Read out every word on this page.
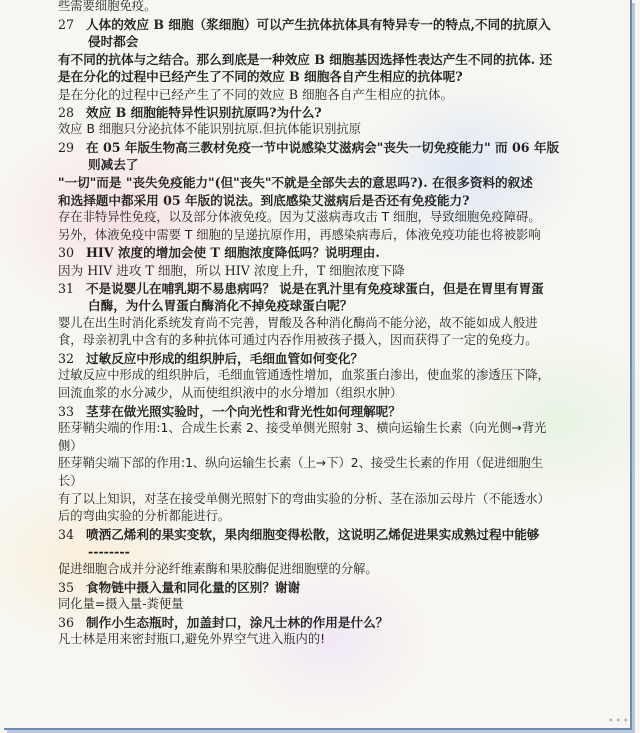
些需要细胞免疫。
27 人体的效应 B 细胞（浆细胞）可以产生抗体抗体具有特异专一的特点,不同的抗原入
侵时都会
有不同的抗体与之结合。那么到底是一种效应 B 细胞基因选择性表达产生不同的抗体. 还
是在分化的过程中已经产生了不同的效应 B 细胞各自产生相应的抗体呢?
是在分化的过程中已经产生了不同的效应 B 细胞各自产生相应的抗体。
28 效应 B 细胞能特异性识别抗原吗?为什么?
效应 B 细胞只分泌抗体不能识别抗原.但抗体能识别抗原
29 在 05 年版生物高三教材免疫一节中说感染艾滋病会"丧失一切免疫能力" 而 06 年版
则减去了
"一切"而是 "丧失免疫能力"(但"丧失"不就是全部失去的意思吗?). 在很多资料的叙述
和选择题中都采用 05 年版的说法。到底感染艾滋病后是否还有免疫能力?
存在非特异性免疫，以及部分体液免疫。因为艾滋病毒攻击 T 细胞，导致细胞免疫障碍。
另外，体液免疫中需要 T 细胞的呈递抗原作用，再感染病毒后，体液免疫功能也将被影响
30 HIV 浓度的增加会使 T 细胞浓度降低吗？说明理由.
因为 HIV 进攻 T 细胞，所以 HIV 浓度上升，T 细胞浓度下降
31 不是说婴儿在哺乳期不易患病吗？ 说是在乳汁里有免疫球蛋白，但是在胃里有胃蛋
白酶，为什么胃蛋白酶消化不掉免疫球蛋白呢？
婴儿在出生时消化系统发育尚不完善，胃酸及各种消化酶尚不能分泌，故不能如成人般进
食，母亲初乳中含有的多种抗体可通过内吞作用被孩子摄入，因而获得了一定的免疫力。
32 过敏反应中形成的组织肿后，毛细血管如何变化？
过敏反应中形成的组织肿后，毛细血管通透性增加，血浆蛋白渗出，使血浆的渗透压下降，
回流血浆的水分减少，从而使组织液中的水分增加（组织水肿）
33 茎芽在做光照实验时，一个向光性和背光性如何理解呢？
胚芽鞘尖端的作用:1、合成生长素 2、接受单侧光照射 3、横向运输生长素（向光侧→背光
侧）
胚芽鞘尖端下部的作用:1、纵向运输生长素（上→下）2、接受生长素的作用（促进细胞生
长）
有了以上知识，对茎在接受单侧光照射下的弯曲实验的分析、茎在添加云母片（不能透水）
后的弯曲实验的分析都能进行。
34 喷洒乙烯利的果实变软，果肉细胞变得松散，这说明乙烯促进果实成熟过程中能够
--------
促进细胞合成并分泌纤维素酶和果胶酶促进细胞壁的分解。
35 食物链中摄入量和同化量的区别？谢谢
同化量=摄入量-粪便量
36 制作小生态瓶时，加盖封口，涂凡士林的作用是什么？
凡士林是用来密封瓶口,避免外界空气进入瓶内的!
•••
